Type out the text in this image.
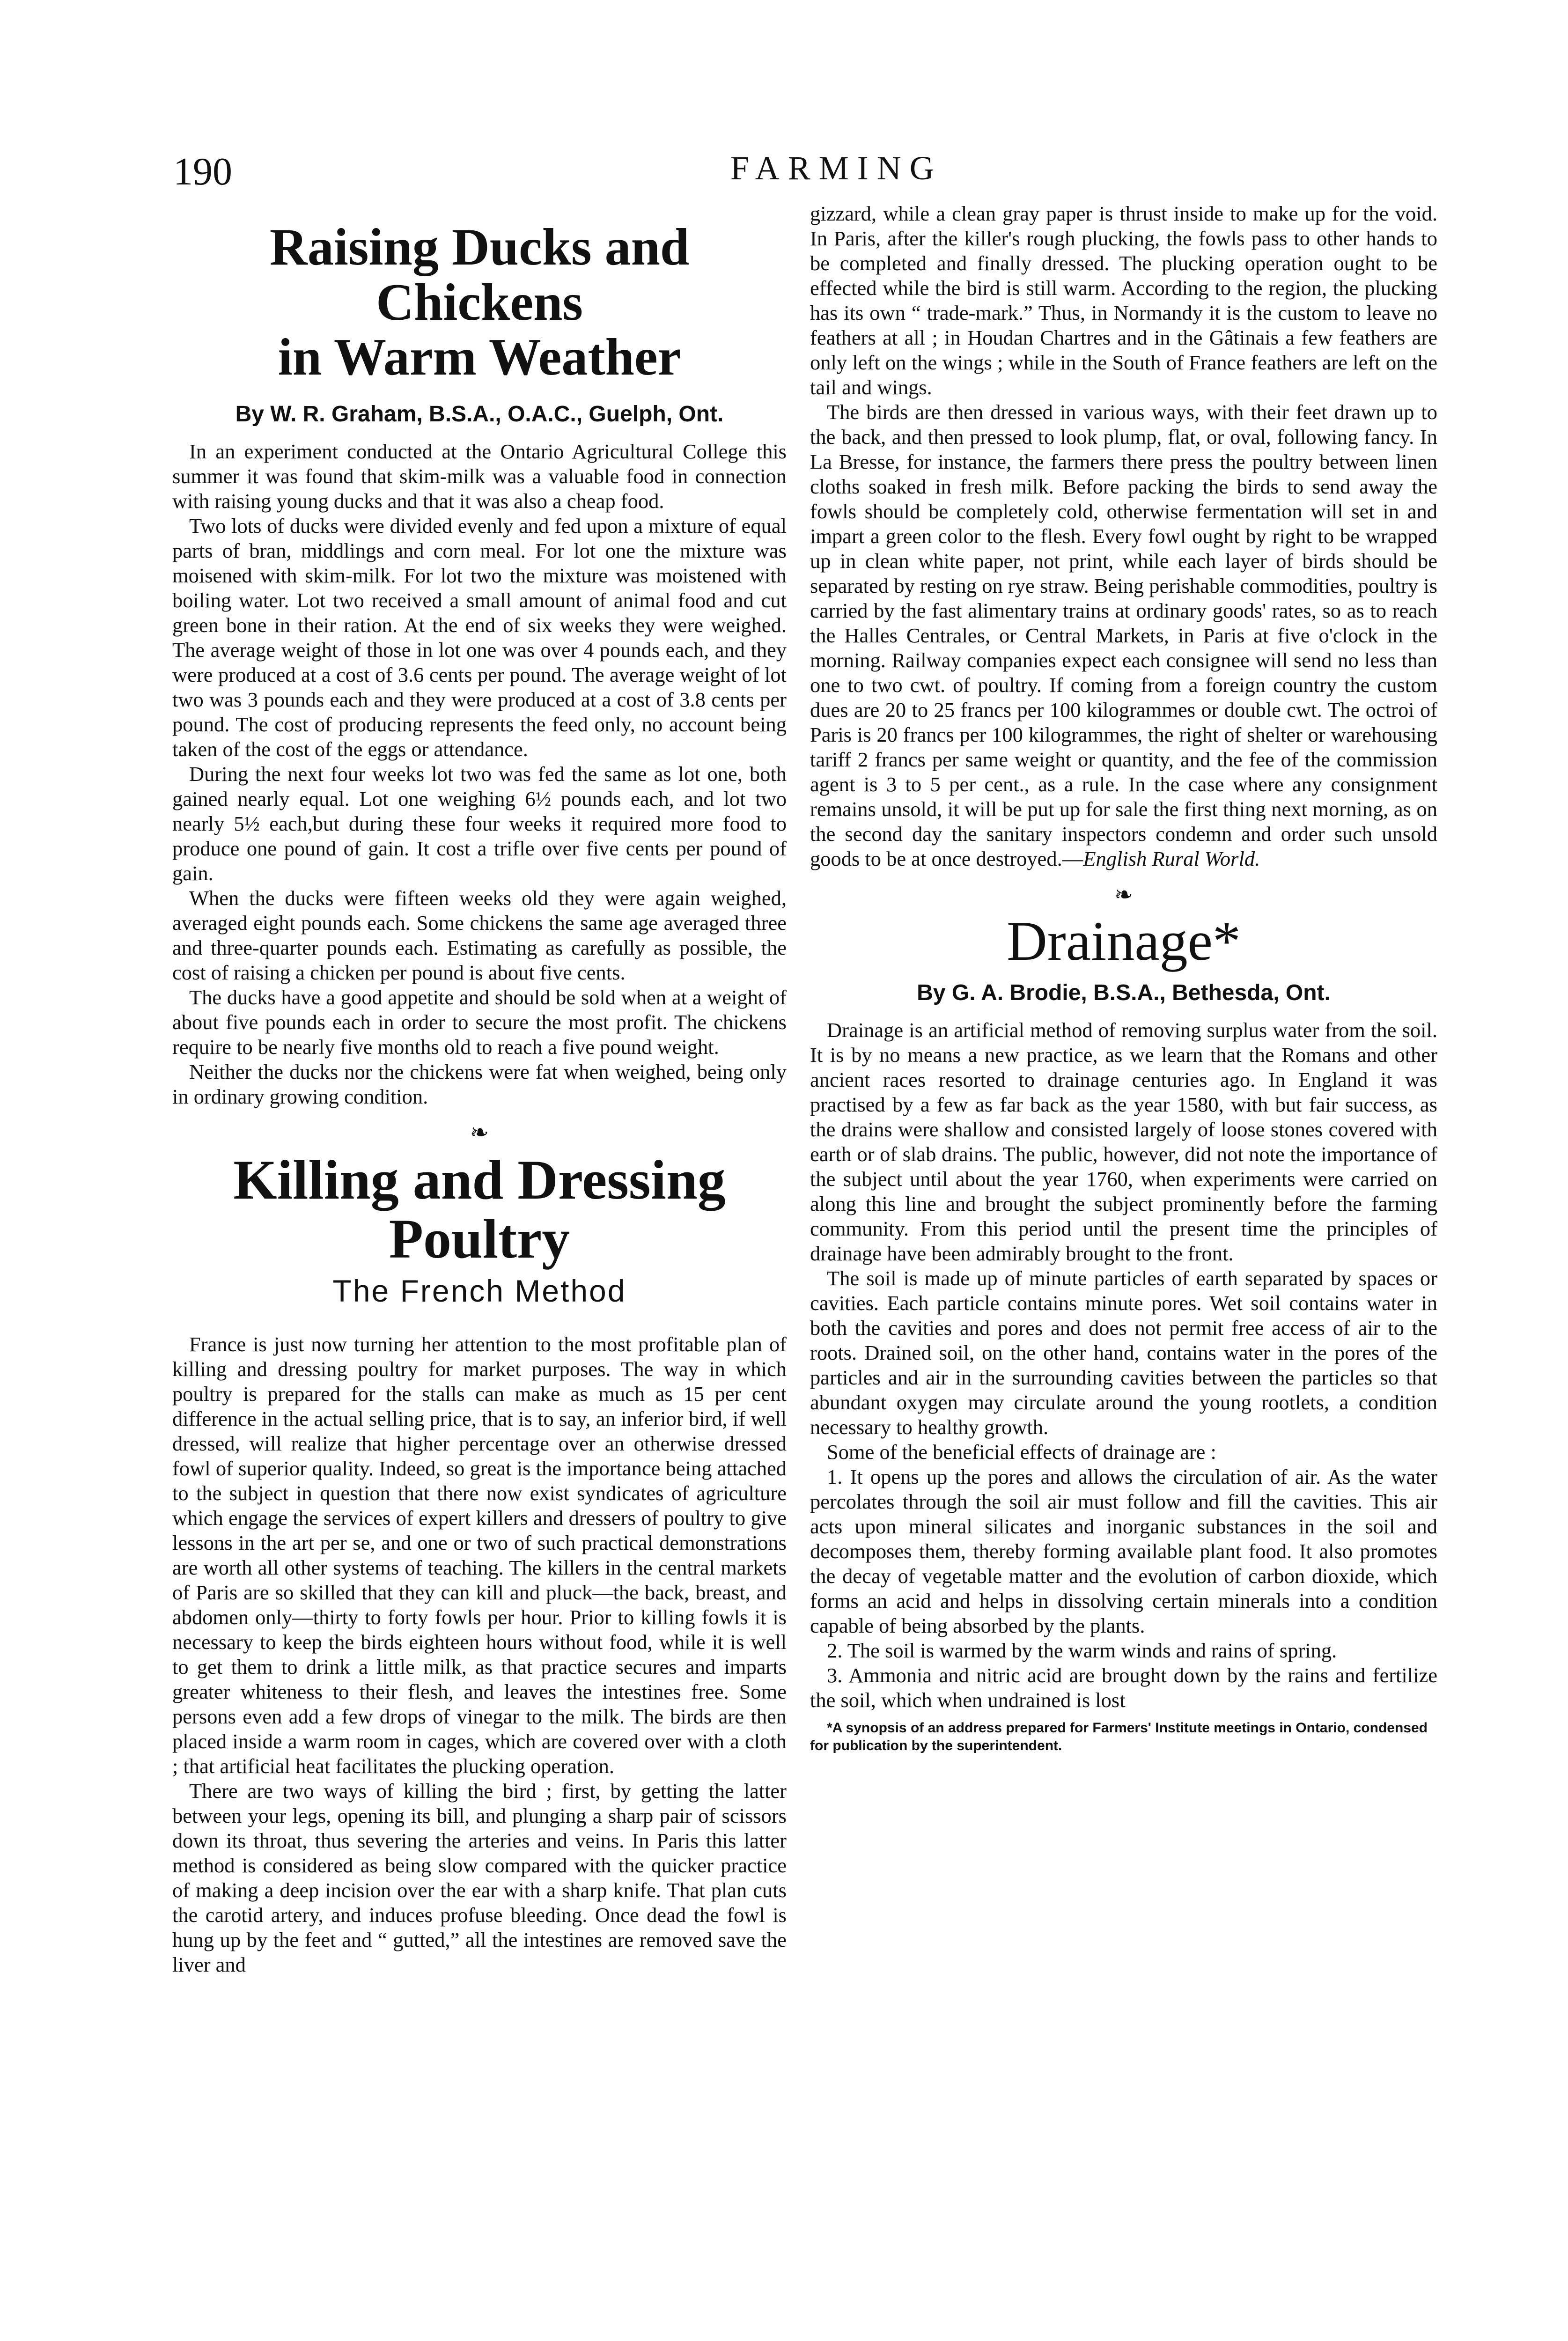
190	FARMING
Raising Ducks and Chickens
in Warm Weather
By W. R. Graham, B.S.A., O.A.C., Guelph, Ont.

In an experiment conducted at the Ontario Agricultural College this summer it was found that skim-milk was a valuable food in connection with raising young ducks and that it was also a cheap food.

Two lots of ducks were divided evenly and fed upon a mixture of equal parts of bran, middlings and corn meal. For lot one the mixture was moisened with skim-milk. For lot two the mixture was moistened with boiling water. Lot two received a small amount of animal food and cut green bone in their ration. At the end of six weeks they were weighed. The average weight of those in lot one was over 4 pounds each, and they were produced at a cost of 3.6 cents per pound. The average weight of lot two was 3 pounds each and they were produced at a cost of 3.8 cents per pound. The cost of producing represents the feed only, no account being taken of the cost of the eggs or attendance.

During the next four weeks lot two was fed the same as lot one, both gained nearly equal. Lot one weighing 6½ pounds each, and lot two nearly 5½ each,but during these four weeks it required more food to produce one pound of gain. It cost a trifle over five cents per pound of gain.

When the ducks were fifteen weeks old they were again weighed, averaged eight pounds each. Some chickens the same age averaged three and three-quarter pounds each. Estimating as carefully as possible, the cost of raising a chicken per pound is about five cents.

The ducks have a good appetite and should be sold when at a weight of about five pounds each in order to secure the most profit. The chickens require to be nearly five months old to reach a five pound weight.

Neither the ducks nor the chickens were fat when weighed, being only in ordinary growing condition.

❧
Killing and Dressing Poultry
The French Method

France is just now turning her attention to the most profitable plan of killing and dressing poultry for market purposes. The way in which poultry is prepared for the stalls can make as much as 15 per cent difference in the actual selling price, that is to say, an inferior bird, if well dressed, will realize that higher percentage over an otherwise dressed fowl of superior quality. Indeed, so great is the importance being attached to the subject in question that there now exist syndicates of agriculture which engage the services of expert killers and dressers of poultry to give lessons in the art per se, and one or two of such practical demonstrations are worth all other systems of teaching. The killers in the central markets of Paris are so skilled that they can kill and pluck—the back, breast, and abdomen only—thirty to forty fowls per hour. Prior to killing fowls it is necessary to keep the birds eighteen hours without food, while it is well to get them to drink a little milk, as that practice secures and imparts greater whiteness to their flesh, and leaves the intestines free. Some persons even add a few drops of vinegar to the milk. The birds are then placed inside a warm room in cages, which are covered over with a cloth ; that artificial heat facilitates the plucking operation.

There are two ways of killing the bird ; first, by getting the latter between your legs, opening its bill, and plunging a sharp pair of scissors down its throat, thus severing the arteries and veins. In Paris this latter method is considered as being slow compared with the quicker practice of making a deep incision over the ear with a sharp knife. That plan cuts the carotid artery, and induces profuse bleeding. Once dead the fowl is hung up by the feet and “ gutted,” all the intestines are removed save the liver and

gizzard, while a clean gray paper is thrust inside to make up for the void. In Paris, after the killer's rough plucking, the fowls pass to other hands to be completed and finally dressed. The plucking operation ought to be effected while the bird is still warm. According to the region, the plucking has its own “ trade-mark.” Thus, in Normandy it is the custom to leave no feathers at all ; in Houdan Chartres and in the Gâtinais a few feathers are only left on the wings ; while in the South of France feathers are left on the tail and wings.

The birds are then dressed in various ways, with their feet drawn up to the back, and then pressed to look plump, flat, or oval, following fancy. In La Bresse, for instance, the farmers there press the poultry between linen cloths soaked in fresh milk. Before packing the birds to send away the fowls should be completely cold, otherwise fermentation will set in and impart a green color to the flesh. Every fowl ought by right to be wrapped up in clean white paper, not print, while each layer of birds should be separated by resting on rye straw. Being perishable commodities, poultry is carried by the fast alimentary trains at ordinary goods' rates, so as to reach the Halles Centrales, or Central Markets, in Paris at five o'clock in the morning. Railway companies expect each consignee will send no less than one to two cwt. of poultry. If coming from a foreign country the custom dues are 20 to 25 francs per 100 kilogrammes or double cwt. The octroi of Paris is 20 francs per 100 kilogrammes, the right of shelter or warehousing tariff 2 francs per same weight or quantity, and the fee of the commission agent is 3 to 5 per cent., as a rule. In the case where any consignment remains unsold, it will be put up for sale the first thing next morning, as on the second day the sanitary inspectors condemn and order such unsold goods to be at once destroyed.—English Rural World.

❧
Drainage*
By G. A. Brodie, B.S.A., Bethesda, Ont.

Drainage is an artificial method of removing surplus water from the soil. It is by no means a new practice, as we learn that the Romans and other ancient races resorted to drainage centuries ago. In England it was practised by a few as far back as the year 1580, with but fair success, as the drains were shallow and consisted largely of loose stones covered with earth or of slab drains. The public, however, did not note the importance of the subject until about the year 1760, when experiments were carried on along this line and brought the subject prominently before the farming community. From this period until the present time the principles of drainage have been admirably brought to the front.

The soil is made up of minute particles of earth separated by spaces or cavities. Each particle contains minute pores. Wet soil contains water in both the cavities and pores and does not permit free access of air to the roots. Drained soil, on the other hand, contains water in the pores of the particles and air in the surrounding cavities between the particles so that abundant oxygen may circulate around the young rootlets, a condition necessary to healthy growth.

Some of the beneficial effects of drainage are :

1. It opens up the pores and allows the circulation of air. As the water percolates through the soil air must follow and fill the cavities. This air acts upon mineral silicates and inorganic substances in the soil and decomposes them, thereby forming available plant food. It also promotes the decay of vegetable matter and the evolution of carbon dioxide, which forms an acid and helps in dissolving certain minerals into a condition capable of being absorbed by the plants.

2. The soil is warmed by the warm winds and rains of spring.

3. Ammonia and nitric acid are brought down by the rains and fertilize the soil, which when undrained is lost

*A synopsis of an address prepared for Farmers' Institute meetings in Ontario, condensed for publication by the superintendent.
